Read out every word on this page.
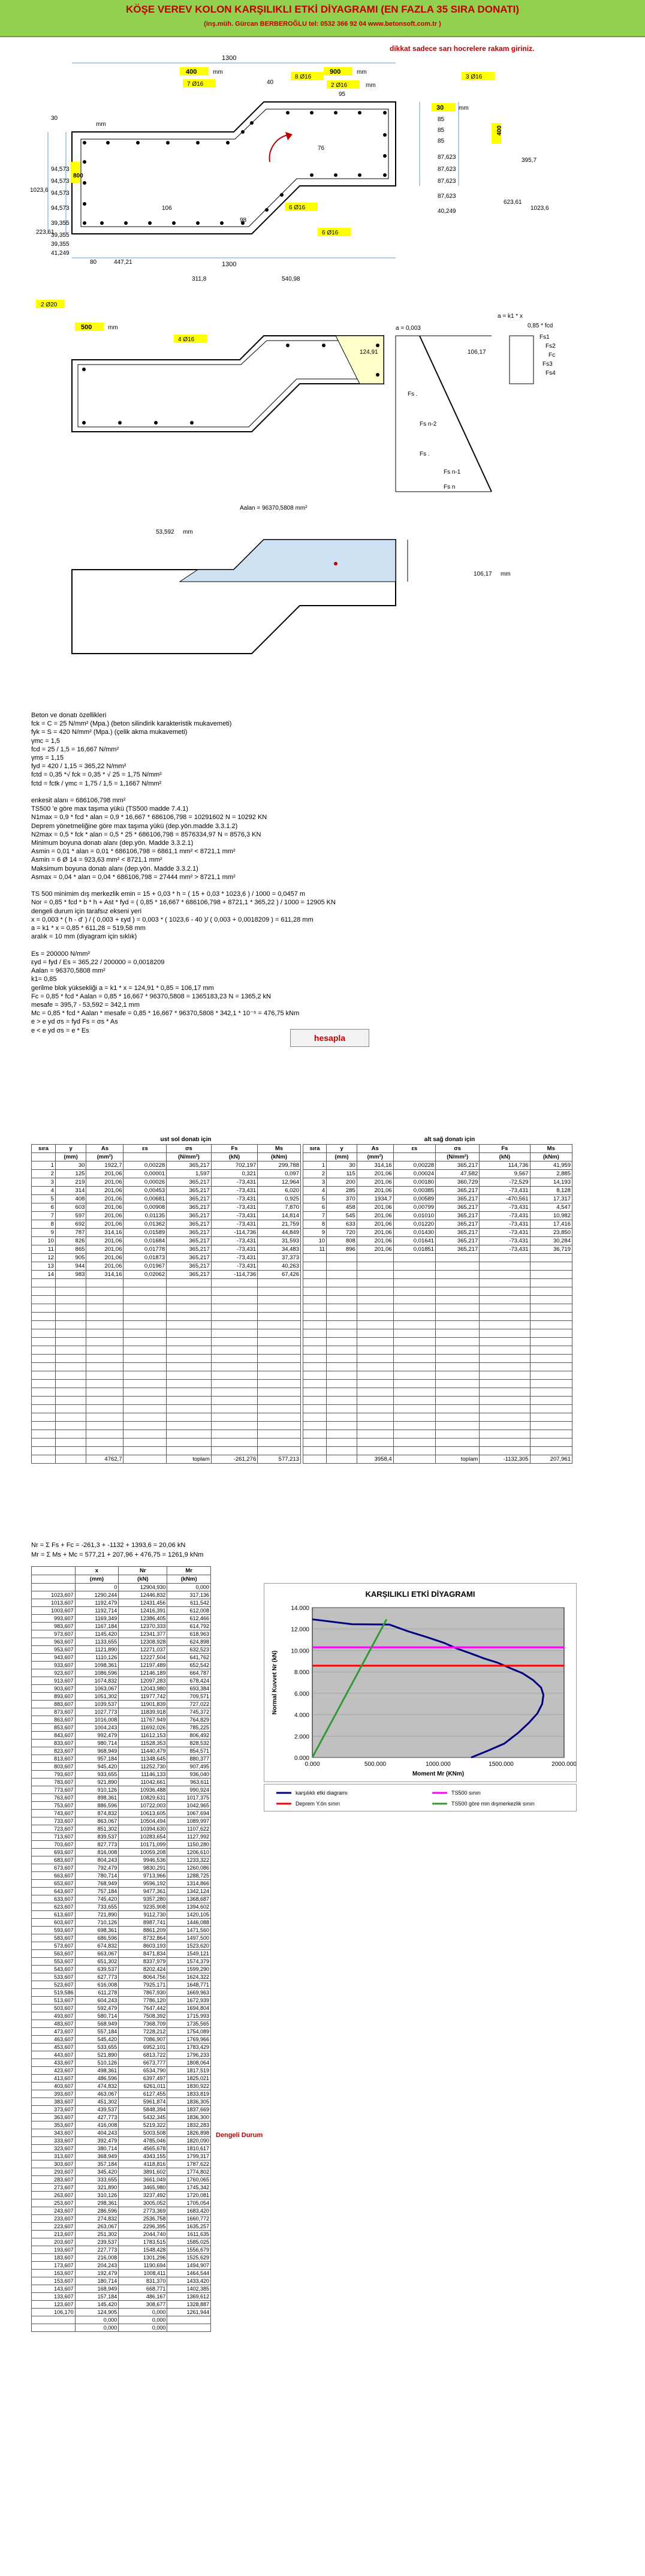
KÖŞE VEREV KOLON KARŞILIKLI ETKİ DİYAGRAMI (EN FAZLA 35 SIRA DONATI)
(inş.müh. Gürcan BERBEROĞLU tel: 0532 366 92 04 www.betonsoft.com.tr )
dikkat sadece sarı hocrelere rakam giriniz.
1300
1300
400	mm	900	mm
7 Ø16
8 Ø16
2 Ø16
3 Ø16
40
95
mm
30 mm
400
800
6 Ø16
6 Ø16
2 Ø20
500	mm
4 Ø16
30
mm
94,573
94,573
94,573
94,573
39,355
39,355
39,355
41,249
1023,6
223,61
80	447,21
311,8	540,98
106
98
76
85
85
85
87,623
87,623
87,623
87,623
40,249
395,7
623,61
1023,6
a = 0,003
a = k1 * x
0,85 * fcd
Fs1
Fs2
Fc
Fs3
Fs4
Fs .
Fs n-2
Fs .
Fs n-1
Fs n
124,91	106,17
Aalan = 96370,5808 mm²
53,592 mm
106,17 mm
Beton ve donatı özellikleri
fck = C = 25 N/mm² (Mpa.) (beton silindirik karakteristik mukavemeti)
fyk = S = 420 N/mm² (Mpa.) (çelik akma mukavemeti)
γmc = 1,5
fcd = 25 / 1,5 = 16,667 N/mm²
γms = 1,15
fyd = 420 / 1,15 = 365,22 N/mm²
fctd = 0,35 *√ fck = 0,35 * √ 25 = 1,75 N/mm²
fctd = fctk / γmc = 1,75 / 1,5 = 1,1667 N/mm²

enkesit alanı = 686106,798 mm²
TS500 'e göre max taşıma yükü (TS500 madde 7.4.1)
N1max = 0,9 * fcd * alan = 0,9 * 16,667 * 686106,798 = 10291602 N = 10292 KN
Deprem yönetmeliğine göre max taşıma yükü (dep.yön.madde 3.3.1.2)
N2max = 0,5 * fck * alan = 0,5 * 25 * 686106,798 = 8576334,97 N = 8576,3 KN
Minimum boyuna donatı alanı (dep.yön. Madde 3.3.2.1)
Asmin = 0,01 * alan = 0,01 * 686106,798 = 6861,1 mm² < 8721,1 mm²
Asmin = 6 Ø 14 = 923,63 mm² < 8721,1 mm²
Maksimum boyuna donatı alanı (dep.yön. Madde 3.3.2.1)
Asmax = 0,04 * alan = 0,04 * 686106,798 = 27444 mm² > 8721,1 mm²

TS 500 minimim dış merkezlik emin = 15 + 0,03 * h = ( 15 + 0,03 * 1023,6 ) / 1000 = 0,0457 m
Nor = 0,85 * fcd * b * h + Ast * fyd = ( 0,85 * 16,667 * 686106,798 + 8721,1 * 365,22 ) / 1000 = 12905 KN
dengeli durum için tarafsız ekseni yeri
x = 0,003 * ( h - d' ) / ( 0,003 + εyd ) = 0,003 * ( 1023,6 - 40 )/ ( 0,003 + 0,0018209 ) = 611,28 mm
a = k1 * x = 0,85 * 611,28 = 519,58 mm
aralık = 10 mm (diyagram için sıklık)

Es = 200000 N/mm²
εyd = fyd / Es = 365,22 / 200000 = 0,0018209
Aalan = 96370,5808 mm²
k1= 0,85
gerilme blok yüksekliği a = k1 * x = 124,91 * 0,85 = 106,17 mm
Fc = 0,85 * fcd * Aalan = 0,85 * 16,667 * 96370,5808 = 1365183,23 N = 1365,2 kN
mesafe = 395,7 - 53,592 = 342,1 mm
Mc = 0,85 * fcd * Aalan * mesafe = 0,85 * 16,667 * 96370,5808 * 342,1 * 10⁻⁶ = 476,75 kNm
e > e yd σs = fyd Fs = σs * As
e < e yd σs = e * Es
hesapla
ust sol donatı için	alt sağ donatı için
sıra	y	As	εs	σs	Fs	Ms
	(mm)	(mm²)		(N/mm²)	(kN)	(kNm)
1	30	1922,7	0,00228	365,217	702,197	299,788
2	125	201,06	0,00001	1,597	0,321	0,097
3	219	201,06	0,00026	365,217	-73,431	12,964
4	314	201,06	0,00453	365,217	-73,431	6,020
5	408	201,06	0,00681	365,217	-73,431	0,925
6	603	201,06	0,00908	365,217	-73,431	7,870
7	597	201,06	0,01135	365,217	-73,431	14,814
8	692	201,06	0,01362	365,217	-73,431	21,759
9	787	314,16	0,01589	365,217	-114,736	44,849
10	826	201,06	0,01684	365,217	-73,431	31,593
11	865	201,06	0,01778	365,217	-73,431	34,483
12	905	201,06	0,01873	365,217	-73,431	37,373
13	944	201,06	0,01967	365,217	-73,431	40,263
14	983	314,16	0,02062	365,217	-114,736	67,426

		4762,7		toplam	-261,276	577,213
sıra	y	As	εs	σs	Fs	Ms
	(mm)	(mm²)		(N/mm²)	(kN)	(kNm)
1	30	314,16	0,00228	365,217	114,736	41,959
2	115	201,06	0,00024	47,582	9,567	2,885
3	200	201,06	0,00180	360,729	-72,529	14,193
4	285	201,06	0,00385	365,217	-73,431	8,128
5	370	1934,7	0,00589	365,217	-470,561	17,317
6	458	201,06	0,00799	365,217	-73,431	4,547
7	545	201,06	0,01010	365,217	-73,431	10,982
8	633	201,06	0,01220	365,217	-73,431	17,416
9	720	201,06	0,01430	365,217	-73,431	23,850
10	808	201,06	0,01641	365,217	-73,431	30,284
11	896	201,06	0,01851	365,217	-73,431	36,719

		3958,4		toplam	-1132,305	207,961
Nr = Σ Fs + Fc = -261,3 + -1132 + 1393,6 = 20,06 kN
Mr = Σ Ms + Mc = 577,21 + 207,96 + 476,75 = 1261,9 kNm
	x	Nr	Mr
	(mm)	(kN)	(kNm)
	0	12904,930	0,000
1023,607	1290,244	12446,832	317,136
1013,607	1192,479	12431,456	611,542
1003,607	1192,714	12416,391	612,008
993,607	1169,349	12386,405	612,466
983,607	1167,184	12370,333	614,792
973,607	1145,420	12341,377	618,963
963,607	1133,655	12308,928	624,898
953,607	1121,890	12271,037	632,523
943,607	1110,126	12227,504	641,762
933,607	1098,361	12197,489	652,542
923,607	1086,596	12146,189	664,787
913,607	1074,832	12097,283	678,424
903,607	1063,067	12043,980	693,384
893,607	1051,302	11977,742	709,571
883,607	1039,537	11901,839	727,022
873,607	1027,773	11839,918	745,372
863,607	1016,008	11767,949	764,829
853,607	1004,243	11692,026	785,225
843,607	992,479	11612,153	806,492
833,607	980,714	11528,353	828,532
823,607	968,949	11440,479	854,571
813,607	957,184	11348,645	880,377
803,607	945,420	11252,730	907,495
793,607	933,655	11146,133	936,040
783,607	921,890	11042,661	963,611
773,607	910,126	10936,488	990,924
763,607	898,361	10829,631	1017,375
753,607	886,596	10722,003	1042,965
743,607	874,832	10613,605	1067,694
733,607	863,067	10504,494	1089,997
723,607	851,302	10394,630	1107,622
713,607	839,537	10283,654	1127,992
703,607	827,773	10171,099	1150,280
693,607	816,008	10059,208	1206,610
683,607	804,243	9946,536	1233,322
673,607	792,479	9830,291	1260,086
663,607	780,714	9713,966	1288,725
653,607	768,949	9596,192	1314,866
643,607	757,184	9477,361	1342,124
633,607	745,420	9357,280	1368,687
623,607	733,655	9235,908	1394,602
613,607	721,890	9112,730	1420,105
603,607	710,126	8987,741	1446,088
593,607	698,361	8861,209	1471,560
583,607	686,596	8732,864	1497,500
573,607	674,832	8603,193	1523,620
563,607	663,067	8471,834	1549,121
553,607	651,302	8337,979	1574,379
543,607	639,537	8202,424	1599,290
533,607	627,773	8064,756	1624,322
523,607	616,008	7925,171	1648,771
519,586	611,278	7867,930	1669,963
513,607	604,243	7786,120	1672,939
503,607	592,479	7647,442	1694,804
493,607	580,714	7508,392	1715,993
483,607	568,949	7368,709	1735,565
473,607	557,184	7228,212	1754,089
463,607	545,420	7086,907	1769,966
453,607	533,655	6952,101	1783,429
443,607	521,890	6813,722	1796,233
433,607	510,126	6673,777	1808,064
423,607	498,361	6534,790	1817,519
413,607	486,596	6397,497	1825,021
403,607	474,832	6261,011	1830,922
393,607	463,067	6127,455	1833,819
383,607	451,302	5961,874	1836,305
373,607	439,537	5848,394	1837,669
363,607	427,773	5432,345	1836,300
353,607	416,008	5219,322	1832,283
343,607	404,243	5003,508	1826,898
333,607	392,479	4785,046	1820,090
323,607	380,714	4565,678	1810,617
313,607	368,949	4343,155	1799,317
303,607	357,184	4118,816	1787,622
293,607	345,420	3891,602	1774,802
283,607	333,655	3661,049	1760,065
273,607	321,890	3465,980	1745,342
263,607	310,126	3237,492	1720,081
253,607	298,361	3005,052	1705,054
243,607	286,596	2773,369	1683,420
233,607	274,832	2536,758	1660,772
223,607	263,067	2296,395	1635,257
213,607	251,302	2044,740	1611,635
203,607	239,537	1783,515	1585,025
193,607	227,773	1548,428	1556,679
183,607	216,008	1301,296	1525,629
173,607	204,243	1190,694	1494,907
163,607	192,479	1008,411	1464,544
153,607	180,714	831,370	1433,420
143,607	168,949	668,771	1402,385
133,607	157,184	486,167	1369,612
123,607	145,420	308,677	1328,887
106,170	124,905	0,000	1261,944
	0,000	0,000	
	0,000	0,000	
Dengeli Durum
KARŞILIKLI ETKİ DİYAGRAMI
0.000
2.000
4.000
6.000
8.000
10.000
12.000
14.000
0.000	500.000	1000.000	1500.000	2000.000
Moment Mr (KNm)
Normal Kuvvet Nr (kN)
karşılıklı etki diagramı	TS500 sınırı
Deprem Y.ön sınırı	TS500 göre min dışmerkezlik sınırı
